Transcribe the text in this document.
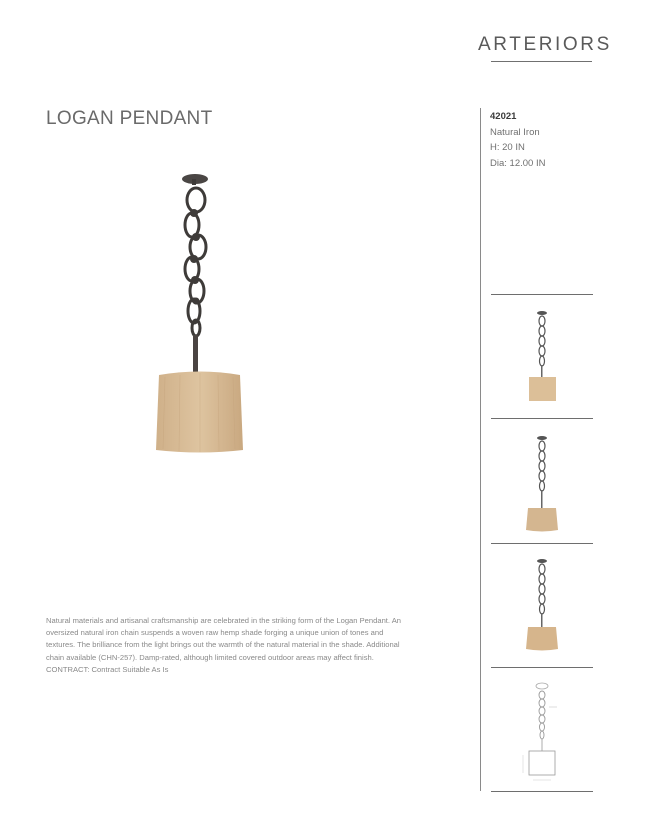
ARTERIORS
LOGAN PENDANT	42021
Natural Iron
H: 20 IN
Dia: 12.00 IN

Natural materials and artisanal craftsmanship are celebrated in the striking form of the Logan Pendant. An oversized natural iron chain suspends a woven raw hemp shade forging a unique union of tones and textures. The brilliance from the light brings out the warmth of the natural material in the shade. Additional chain available (CHN-257). Damp-rated, although limited covered outdoor areas may affect finish.

CONTRACT: Contract Suitable As Is
